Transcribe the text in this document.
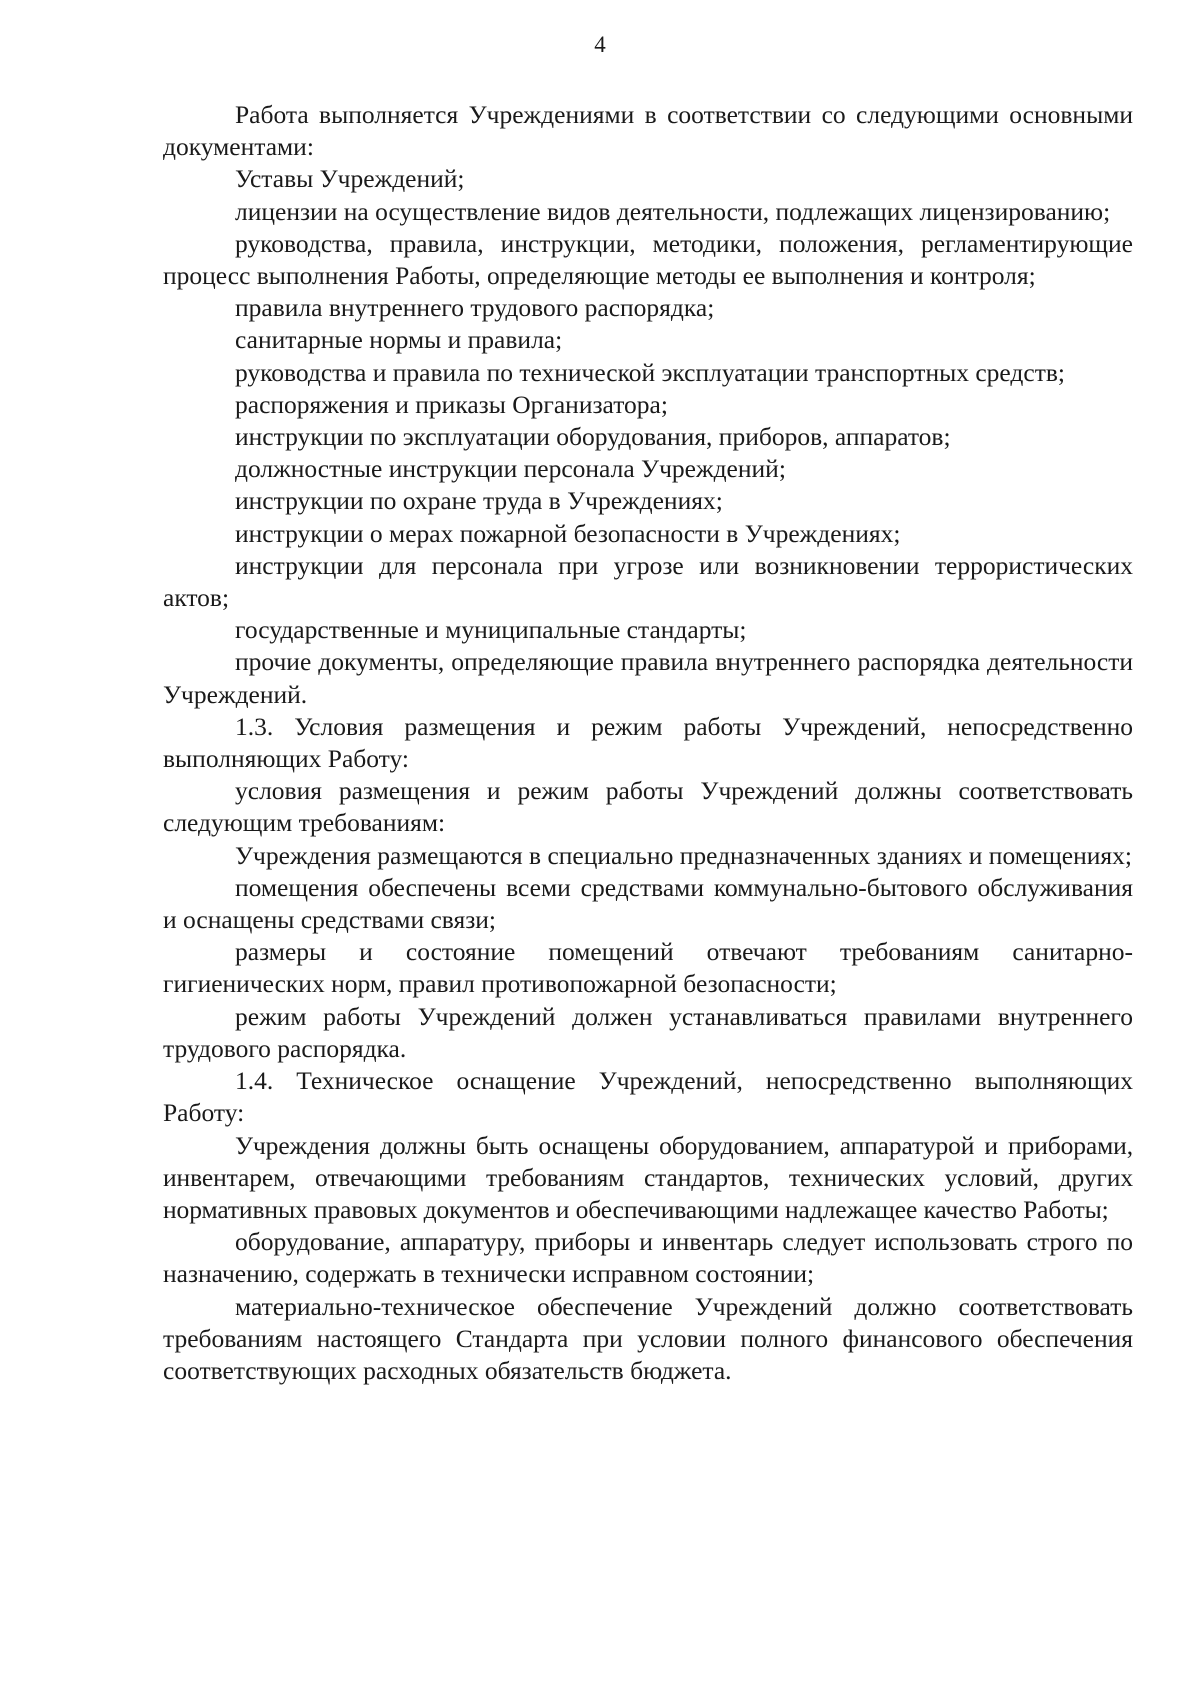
4

Работа выполняется Учреждениями в соответствии со следующими основными документами:

Уставы Учреждений;

лицензии на осуществление видов деятельности, подлежащих лицензированию;

руководства, правила, инструкции, методики, положения, регламентирующие процесс выполнения Работы, определяющие методы ее выполнения и контроля;

правила внутреннего трудового распорядка;

санитарные нормы и правила;

руководства и правила по технической эксплуатации транспортных средств;

распоряжения и приказы Организатора;

инструкции по эксплуатации оборудования, приборов, аппаратов;

должностные инструкции персонала Учреждений;

инструкции по охране труда в Учреждениях;

инструкции о мерах пожарной безопасности в Учреждениях;

инструкции для персонала при угрозе или возникновении террористических актов;

государственные и муниципальные стандарты;

прочие документы, определяющие правила внутреннего распорядка деятельности Учреждений.

1.3. Условия размещения и режим работы Учреждений, непосредственно выполняющих Работу:

условия размещения и режим работы Учреждений должны соответствовать следующим требованиям:

Учреждения размещаются в специально предназначенных зданиях и помещениях;

помещения обеспечены всеми средствами коммунально-бытового обслуживания и оснащены средствами связи;

размеры и состояние помещений отвечают требованиям санитарно-гигиенических норм, правил противопожарной безопасности;

режим работы Учреждений должен устанавливаться правилами внутреннего трудового распорядка.

1.4. Техническое оснащение Учреждений, непосредственно выполняющих Работу:

Учреждения должны быть оснащены оборудованием, аппаратурой и приборами, инвентарем, отвечающими требованиям стандартов, технических условий, других нормативных правовых документов и обеспечивающими надлежащее качество Работы;

оборудование, аппаратуру, приборы и инвентарь следует использовать строго по назначению, содержать в технически исправном состоянии;

материально-техническое обеспечение Учреждений должно соответствовать требованиям настоящего Стандарта при условии полного финансового обеспечения соответствующих расходных обязательств бюджета.
